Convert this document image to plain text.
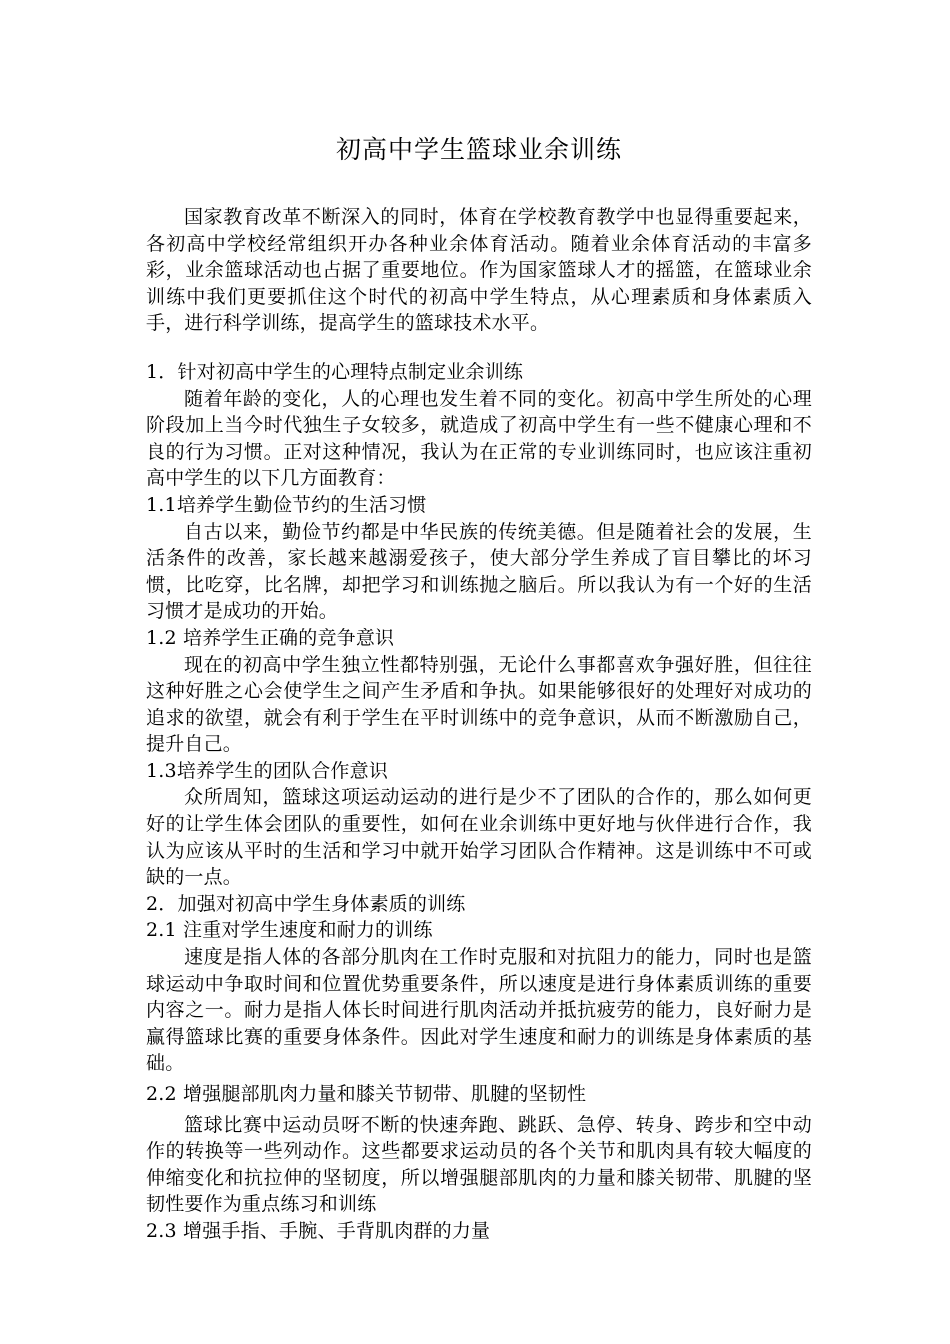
初高中学生篮球业余训练

国家教育改革不断深入的同时，体育在学校教育教学中也显得重要起来，各初高中学校经常组织开办各种业余体育活动。随着业余体育活动的丰富多彩，业余篮球活动也占据了重要地位。作为国家篮球人才的摇篮，在篮球业余训练中我们更要抓住这个时代的初高中学生特点，从心理素质和身体素质入手，进行科学训练，提高学生的篮球技术水平。

1．针对初高中学生的心理特点制定业余训练

随着年龄的变化，人的心理也发生着不同的变化。初高中学生所处的心理阶段加上当今时代独生子女较多，就造成了初高中学生有一些不健康心理和不良的行为习惯。正对这种情况，我认为在正常的专业训练同时，也应该注重初高中学生的以下几方面教育：

1.1培养学生勤俭节约的生活习惯

自古以来，勤俭节约都是中华民族的传统美德。但是随着社会的发展，生活条件的改善，家长越来越溺爱孩子，使大部分学生养成了盲目攀比的坏习惯，比吃穿，比名牌，却把学习和训练抛之脑后。所以我认为有一个好的生活习惯才是成功的开始。

1.2 培养学生正确的竞争意识

现在的初高中学生独立性都特别强，无论什么事都喜欢争强好胜，但往往这种好胜之心会使学生之间产生矛盾和争执。如果能够很好的处理好对成功的追求的欲望，就会有利于学生在平时训练中的竞争意识，从而不断激励自己，提升自己。

1.3培养学生的团队合作意识

众所周知，篮球这项运动运动的进行是少不了团队的合作的，那么如何更好的让学生体会团队的重要性，如何在业余训练中更好地与伙伴进行合作，我认为应该从平时的生活和学习中就开始学习团队合作精神。这是训练中不可或缺的一点。

2．加强对初高中学生身体素质的训练
2.1 注重对学生速度和耐力的训练

速度是指人体的各部分肌肉在工作时克服和对抗阻力的能力，同时也是篮球运动中争取时间和位置优势重要条件，所以速度是进行身体素质训练的重要内容之一。耐力是指人体长时间进行肌肉活动并抵抗疲劳的能力，良好耐力是赢得篮球比赛的重要身体条件。因此对学生速度和耐力的训练是身体素质的基础。

2.2 增强腿部肌肉力量和膝关节韧带、肌腱的坚韧性

篮球比赛中运动员呀不断的快速奔跑、跳跃、急停、转身、跨步和空中动作的转换等一些列动作。这些都要求运动员的各个关节和肌肉具有较大幅度的伸缩变化和抗拉伸的坚韧度，所以增强腿部肌肉的力量和膝关韧带、肌腱的坚韧性要作为重点练习和训练

2.3 增强手指、手腕、手背肌肉群的力量
